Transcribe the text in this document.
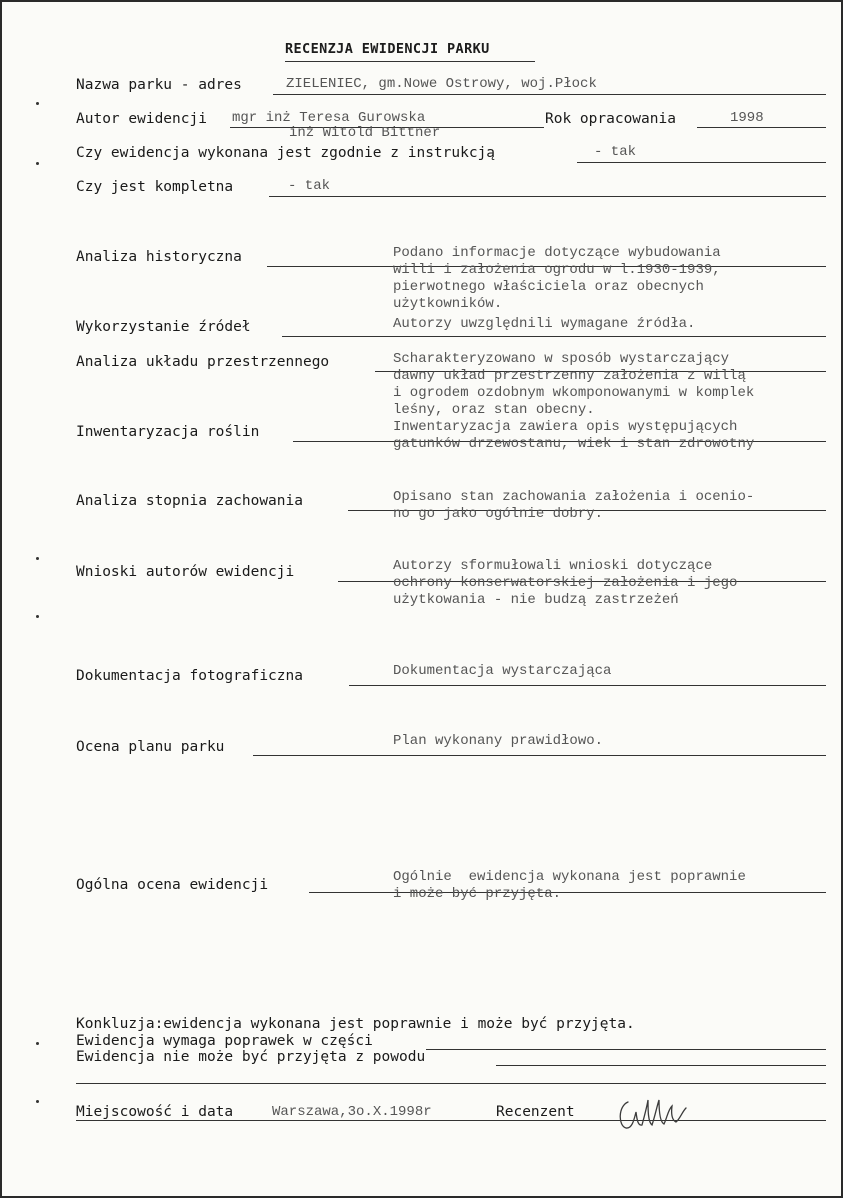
RECENZJA EWIDENCJI PARKU
Nazwa parku - adres	ZIELENIEC, gm.Nowe Ostrowy, woj.Płock
Autor ewidencji mgr inż Teresa Gurowska	Rok opracowania	1998
inż Witold Bittner
Czy ewidencja wykonana jest zgodnie z instrukcją	- tak
Czy jest kompletna	- tak
Analiza historyczna	Podano informacje dotyczące wybudowania
willi i założenia ogrodu w l.1930-1939,
pierwotnego właściciela oraz obecnych
użytkowników.
Wykorzystanie źródeł	Autorzy uwzględnili wymagane źródła.
Analiza układu przestrzennego	Scharakteryzowano w sposób wystarczający
dawny układ przestrzenny założenia z willą
i ogrodem ozdobnym wkomponowanymi w komplek
leśny, oraz stan obecny.
Inwentaryzacja roślin	Inwentaryzacja zawiera opis występujących
gatunków drzewostanu, wiek i stan zdrowotny
Analiza stopnia zachowania	Opisano stan zachowania założenia i ocenio-
no go jako ogólnie dobry.
Wnioski autorów ewidencji	Autorzy sformułowali wnioski dotyczące
ochrony konserwatorskiej założenia i jego
użytkowania - nie budzą zastrzeżeń
Dokumentacja fotograficzna	Dokumentacja wystarczająca
Ocena planu parku	Plan wykonany prawidłowo.
Ogólna ocena ewidencji	Ogólnie  ewidencja wykonana jest poprawnie
i może być przyjęta.
Konkluzja:ewidencja wykonana jest poprawnie i może być przyjęta.
Ewidencja wymaga poprawek w części
Ewidencja nie może być przyjęta z powodu
Miejscowość i data	Warszawa,3o.X.1998r	Recenzent
